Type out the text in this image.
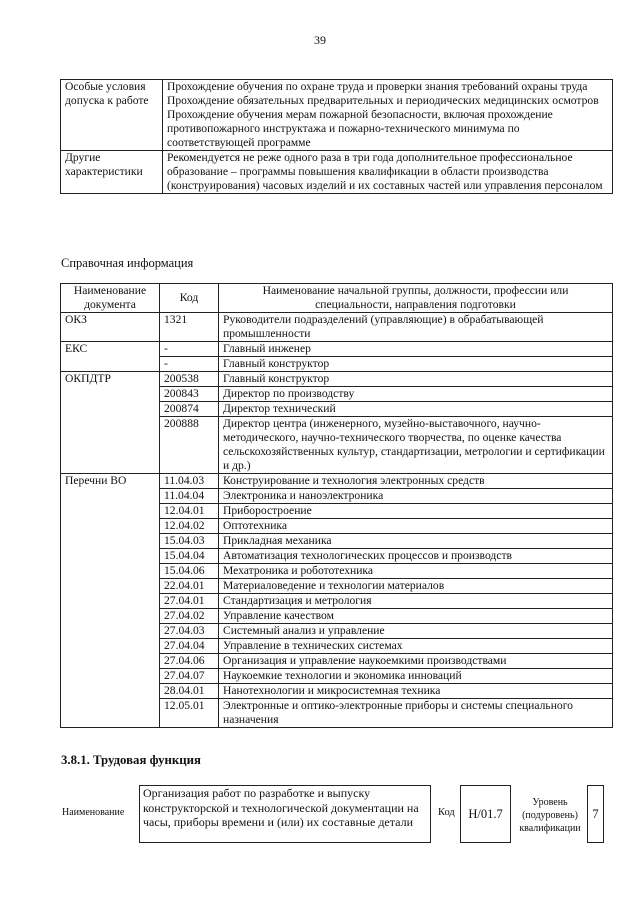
39
Особые условия допуска к работе	Прохождение обучения по охране труда и проверки знания требований охраны труда
Прохождение обязательных предварительных и периодических медицинских осмотров
Прохождение обучения мерам пожарной безопасности, включая прохождение противопожарного инструктажа и пожарно-технического минимума по соответствующей программе

Другие характеристики	Рекомендуется не реже одного раза в три года дополнительное профессиональное образование – программы повышения квалификации в области производства (конструирования) часовых изделий и их составных частей или управления персоналом
Справочная информация
Наименование документа	Код	Наименование начальной группы, должности, профессии или специальности, направления подготовки
ОКЗ	1321	Руководители подразделений (управляющие) в обрабатывающей промышленности
ЕКС	-	Главный инженер
	-	Главный конструктор
ОКПДТР	200538	Главный конструктор
	200843	Директор по производству
	200874	Директор технический
	200888	Директор центра (инженерного, музейно-выставочного, научно-методического, научно-технического творчества, по оценке качества сельскохозяйственных культур, стандартизации, метрологии и сертификации и др.)
Перечни ВО	11.04.03	Конструирование и технология электронных средств
	11.04.04	Электроника и наноэлектроника
	12.04.01	Приборостроение
	12.04.02	Оптотехника
	15.04.03	Прикладная механика
	15.04.04	Автоматизация технологических процессов и производств
	15.04.06	Мехатроника и робототехника
	22.04.01	Материаловедение и технологии материалов
	27.04.01	Стандартизация и метрология
	27.04.02	Управление качеством
	27.04.03	Системный анализ и управление
	27.04.04	Управление в технических системах
	27.04.06	Организация и управление наукоемкими производствами
	27.04.07	Наукоемкие технологии и экономика инноваций
	28.04.01	Нанотехнологии и микросистемная техника
	12.05.01	Электронные и оптико-электронные приборы и системы специального назначения
3.8.1. Трудовая функция
Наименование
Организация работ по разработке и выпуску конструкторской и технологической документации на часы, приборы времени и (или) их составные детали
Код	H/01.7
Уровень (подуровень) квалификации
7
